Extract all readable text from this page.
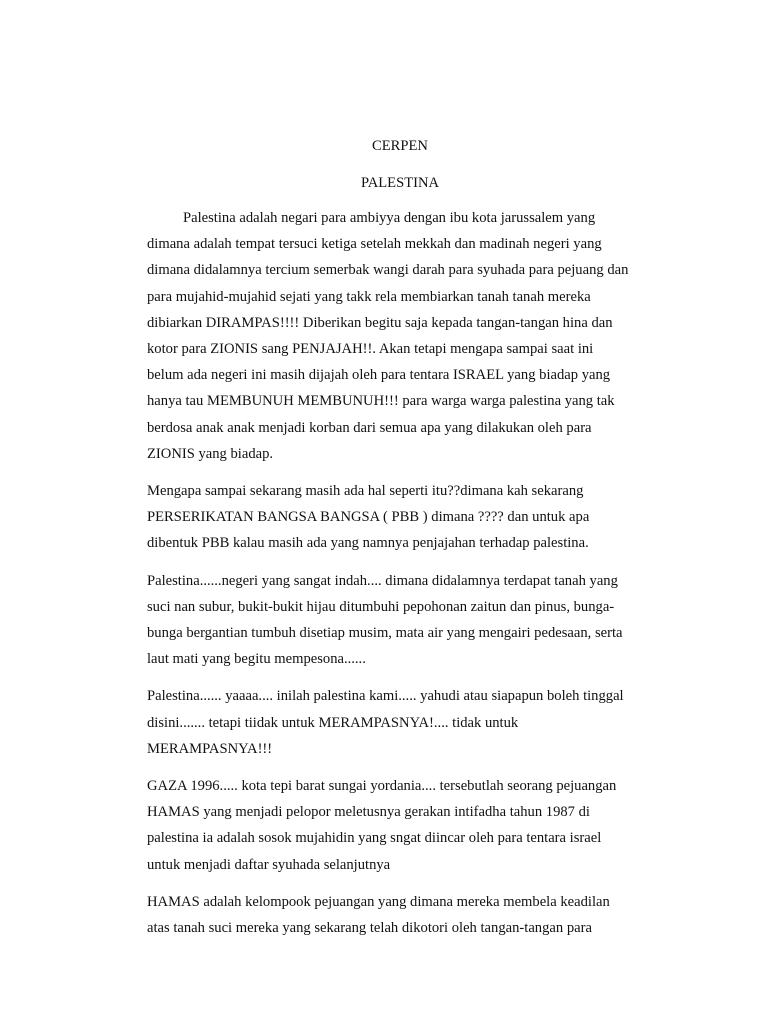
CERPEN
PALESTINA

Palestina adalah negari para ambiyya dengan ibu kota jarussalem yang
dimana adalah tempat tersuci ketiga setelah mekkah dan madinah negeri yang
dimana didalamnya tercium semerbak wangi darah para syuhada para pejuang dan
para mujahid-mujahid sejati yang takk rela membiarkan tanah tanah mereka
dibiarkan DIRAMPAS!!!! Diberikan begitu saja kepada tangan-tangan hina dan
kotor para ZIONIS sang PENJAJAH!!. Akan tetapi mengapa sampai saat ini
belum ada negeri ini masih dijajah oleh para tentara ISRAEL yang biadap yang
hanya tau MEMBUNUH MEMBUNUH!!! para warga warga palestina yang tak
berdosa anak anak menjadi korban dari semua apa yang dilakukan oleh para
ZIONIS yang biadap.

Mengapa sampai sekarang masih ada hal seperti itu??dimana kah sekarang
PERSERIKATAN BANGSA BANGSA ( PBB ) dimana ???? dan untuk apa
dibentuk PBB kalau masih ada yang namnya penjajahan terhadap palestina.

Palestina......negeri yang sangat indah.... dimana didalamnya terdapat tanah yang
suci nan subur, bukit-bukit hijau ditumbuhi pepohonan zaitun dan pinus, bunga-
bunga bergantian tumbuh disetiap musim, mata air yang mengairi pedesaan, serta
laut mati yang begitu mempesona......

Palestina...... yaaaa.... inilah palestina kami..... yahudi atau siapapun boleh tinggal
disini....... tetapi tiidak untuk MERAMPASNYA!.... tidak untuk
MERAMPASNYA!!!

GAZA 1996..... kota tepi barat sungai yordania.... tersebutlah seorang pejuangan
HAMAS yang menjadi pelopor meletusnya gerakan intifadha tahun 1987 di
palestina ia adalah sosok mujahidin yang sngat diincar oleh para tentara israel
untuk menjadi daftar syuhada selanjutnya

HAMAS adalah kelompook pejuangan yang dimana mereka membela keadilan
atas tanah suci mereka yang sekarang telah dikotori oleh tangan-tangan para
